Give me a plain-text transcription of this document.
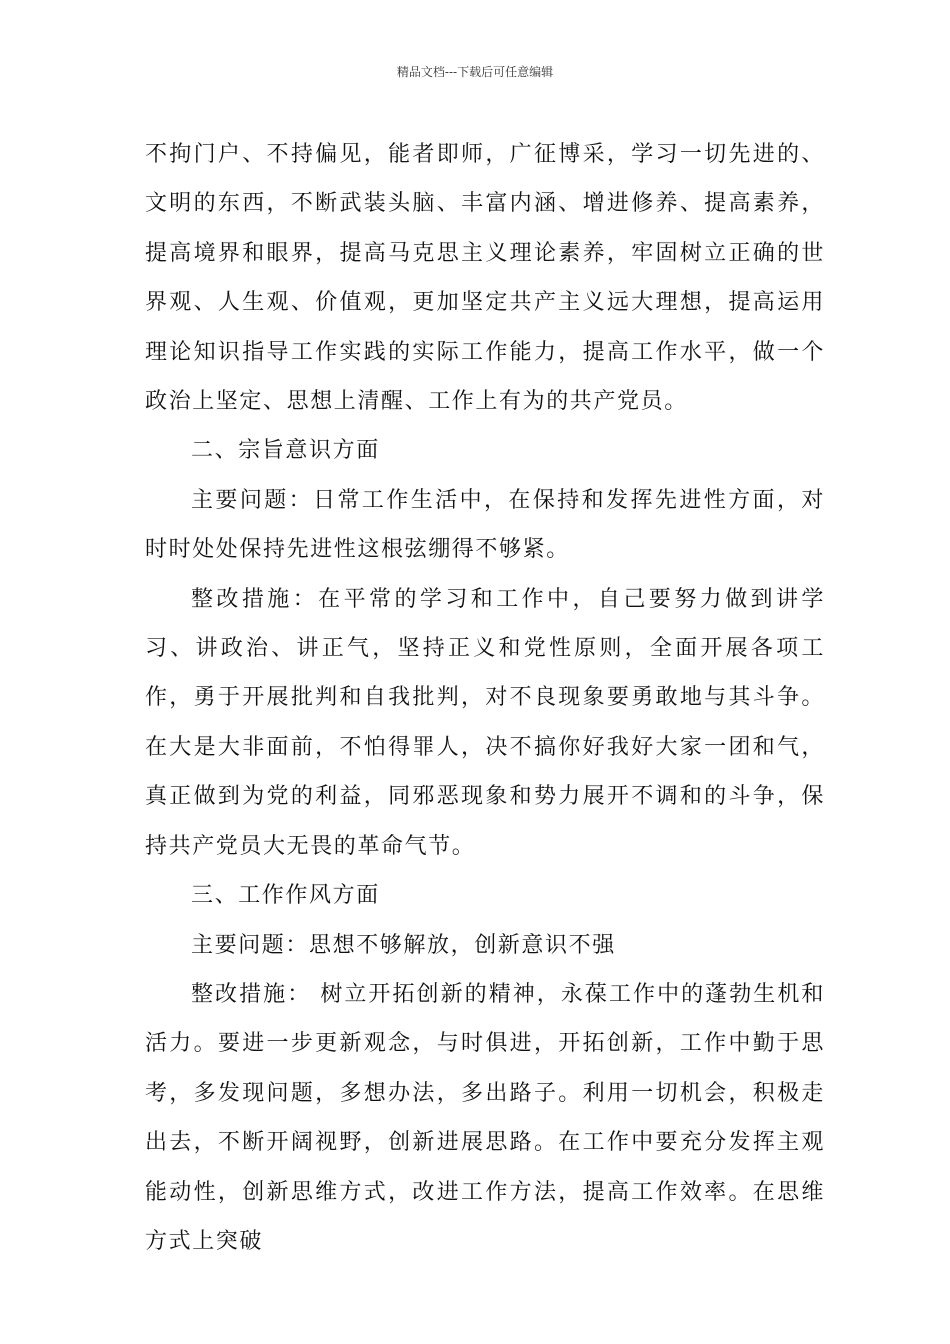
精品文档---下载后可任意编辑

不拘门户、不持偏见，能者即师，广征博采，学习一切先进的、文明的东西，不断武装头脑、丰富内涵、增进修养、提高素养，提高境界和眼界，提高马克思主义理论素养，牢固树立正确的世界观、人生观、价值观，更加坚定共产主义远大理想，提高运用理论知识指导工作实践的实际工作能力，提高工作水平，做一个政治上坚定、思想上清醒、工作上有为的共产党员。

二、宗旨意识方面

主要问题：日常工作生活中，在保持和发挥先进性方面，对时时处处保持先进性这根弦绷得不够紧。

整改措施：在平常的学习和工作中，自己要努力做到讲学习、讲政治、讲正气，坚持正义和党性原则，全面开展各项工作，勇于开展批判和自我批判，对不良现象要勇敢地与其斗争。在大是大非面前，不怕得罪人，决不搞你好我好大家一团和气，真正做到为党的利益，同邪恶现象和势力展开不调和的斗争，保持共产党员大无畏的革命气节。

三、工作作风方面

主要问题：思想不够解放，创新意识不强

整改措施： 树立开拓创新的精神，永葆工作中的蓬勃生机和活力。要进一步更新观念，与时俱进，开拓创新，工作中勤于思考，多发现问题，多想办法，多出路子。利用一切机会，积极走出去，不断开阔视野，创新进展思路。在工作中要充分发挥主观能动性，创新思维方式，改进工作方法，提高工作效率。在思维方式上突破
